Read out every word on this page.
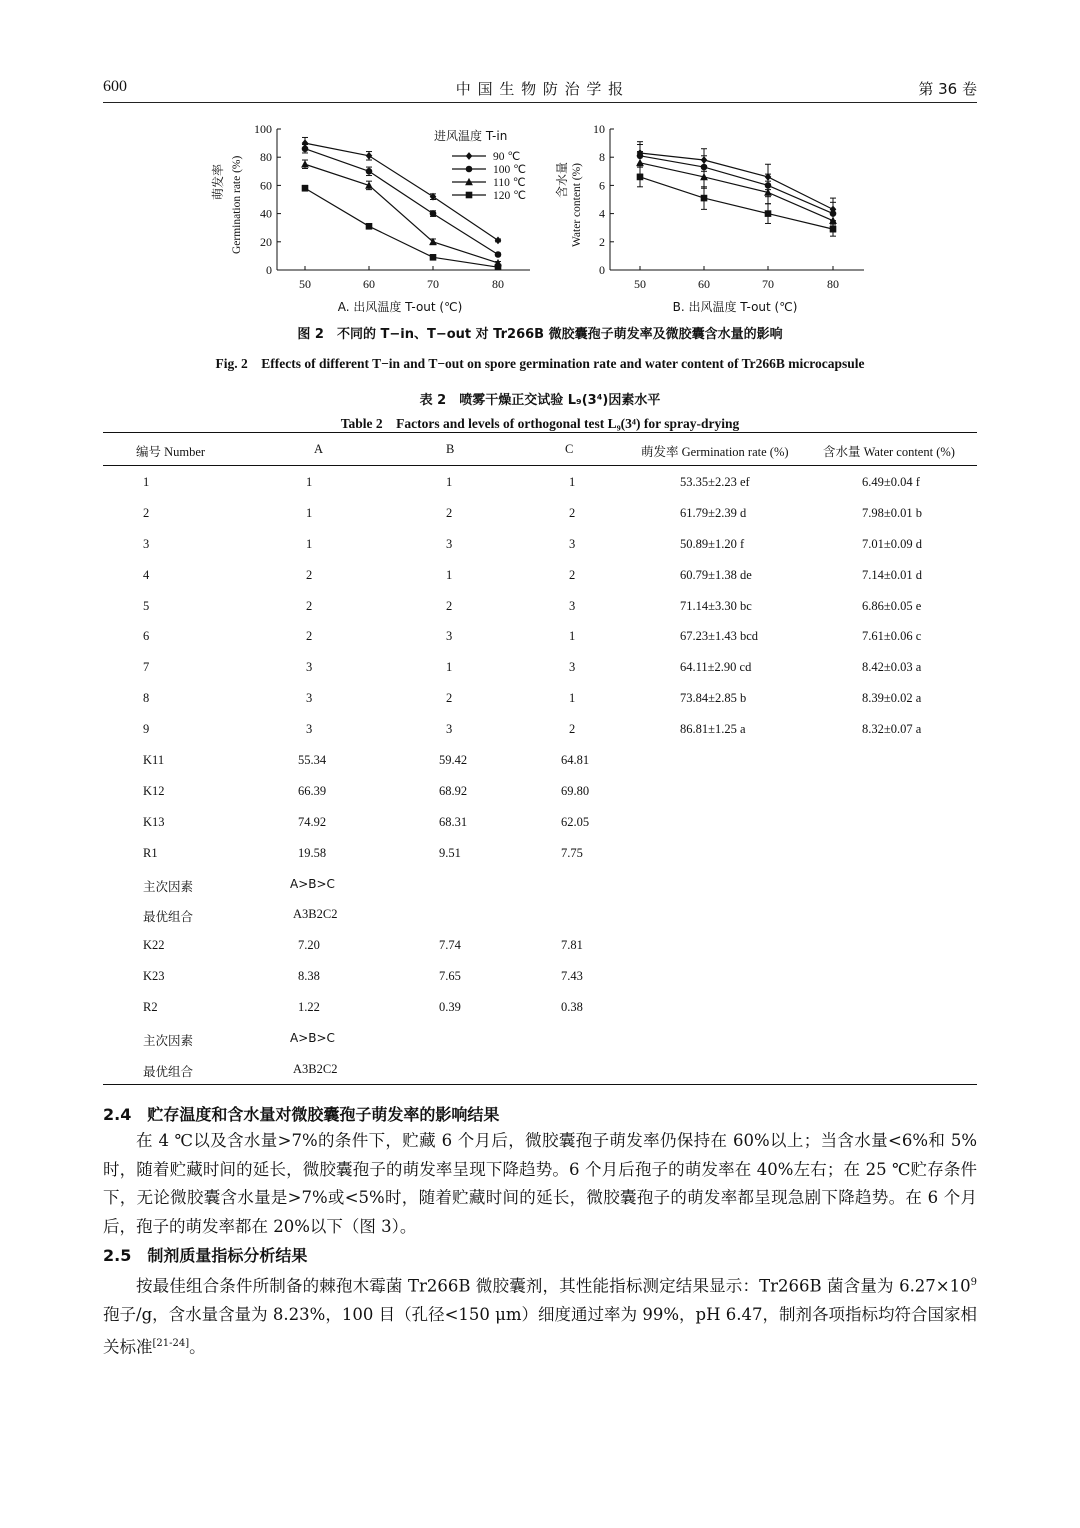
600	中 国 生 物 防 治 学 报	第 36 卷
0
20
40
60
80
100
50	60	70	80
萌发率 Germination rate (%)
A. 出风温度 T-out (℃)
进风温度 T-in
90 ℃
100 ℃
110 ℃
120 ℃
0
2
4
6
8
10
50	60	70	80
含水量 Water content (%)
B. 出风温度 T-out (℃)
图 2　不同的 T−in、T−out 对 Tr266B 微胶囊孢子萌发率及微胶囊含水量的影响
Fig. 2　Effects of different T−in and T−out on spore germination rate and water content of Tr266B microcapsule
表 2　喷雾干燥正交试验 L₉(3⁴)因素水平
Table 2　Factors and levels of orthogonal test L₉(3⁴) for spray-drying
编号 Number	A	B	C	萌发率 Germination rate (%)	含水量 Water content (%)
1	1	1	1	53.35±2.23 ef	6.49±0.04 f
2	1	2	2	61.79±2.39 d	7.98±0.01 b
3	1	3	3	50.89±1.20 f	7.01±0.09 d
4	2	1	2	60.79±1.38 de	7.14±0.01 d
5	2	2	3	71.14±3.30 bc	6.86±0.05 e
6	2	3	1	67.23±1.43 bcd	7.61±0.06 c
7	3	1	3	64.11±2.90 cd	8.42±0.03 a
8	3	2	1	73.84±2.85 b	8.39±0.02 a
9	3	3	2	86.81±1.25 a	8.32±0.07 a
K11	55.34	59.42	64.81
K12	66.39	68.92	69.80
K13	74.92	68.31	62.05
R1	19.58	9.51	7.75
主次因素	A>B>C
最优组合	A3B2C2
K22	7.20	7.74	7.81
K23	8.38	7.65	7.43
R2	1.22	0.39	0.38
主次因素	A>B>C
最优组合	A3B2C2
2.4　贮存温度和含水量对微胶囊孢子萌发率的影响结果
在 4 ℃以及含水量>7%的条件下，贮藏 6 个月后，微胶囊孢子萌发率仍保持在 60%以上；当含水量<6%和 5%时，随着贮藏时间的延长，微胶囊孢子的萌发率呈现下降趋势。6 个月后孢子的萌发率在 40%左右；在 25 ℃贮存条件下，无论微胶囊含水量是>7%或<5%时，随着贮藏时间的延长，微胶囊孢子的萌发率都呈现急剧下降趋势。在 6 个月后，孢子的萌发率都在 20%以下（图 3）。
2.5　制剂质量指标分析结果
按最佳组合条件所制备的棘孢木霉菌 Tr266B 微胶囊剂，其性能指标测定结果显示：Tr266B 菌含量为 $6.27\times 10^9$孢子/g，含水量含量为 8.23%，100 目（孔径<150 μm）细度通过率为 99%，pH 6.47，制剂各项指标均符合国家相关标准[21-24]。
